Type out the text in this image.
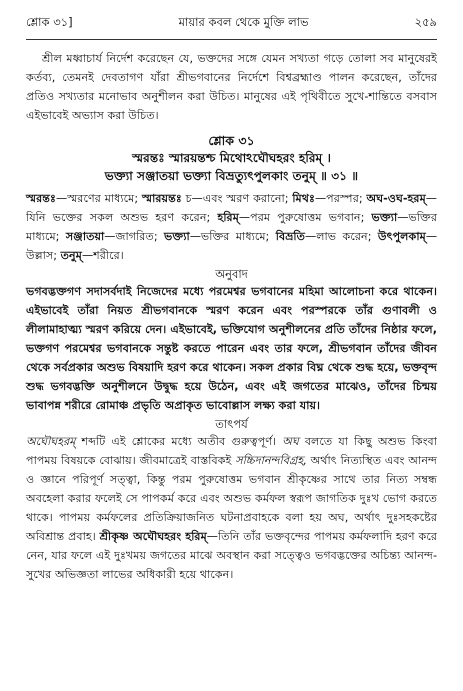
শ্লোক ৩১]	মায়ার কবল থেকে মুক্তি লাভ	২৫৯

শ্রীল মধ্বাচার্য নির্দেশ করেছেন যে, ভক্তদের সঙ্গে যেমন সখ্যতা গড়ে তোলা সব মানুষেরই কর্তব্য, তেমনই দেবতাগণ যাঁরা শ্রীভগবানের নির্দেশে বিশ্বব্রহ্মাণ্ড পালন করেছেন, তাঁদের প্রতিও সখ্যতার মনোভাব অনুশীলন করা উচিত। মানুষের এই পৃথিবীতে সুখে-শান্তিতে বসবাস এইভাবেই অভ্যাস করা উচিত।

শ্লোক ৩১
স্মরন্তঃ স্মারয়ন্তশ্চ মিথোঽঘৌঘহরং হরিম্‌ ।
ভক্ত্যা সঞ্জাতয়া ভক্ত্যা বিভ্রত্যুৎপুলকাং তনুম্‌ ॥ ৩১ ॥

স্মরন্তঃ—স্মরণের মাধ্যমে; স্মারয়ন্তঃ চ—এবং স্মরণ করানো; মিথঃ—পরস্পর; অঘ-ওঘ-হরম্‌—যিনি ভক্তের সকল অশুভ হরণ করেন; হরিম্‌—পরম পুরুষোত্তম ভগবান; ভক্ত্যা—ভক্তির মাধ্যমে; সঞ্জাতয়া—জাগরিত; ভক্ত্যা—ভক্তির মাধ্যমে; বিভ্রতি—লাভ করেন; উৎপুলকাম্‌—উল্লাস; তনুম্‌—শরীরে।

অনুবাদ

ভগবদ্ভক্তগণ সদাসর্বদাই নিজেদের মধ্যে পরমেশ্বর ভগবানের মহিমা আলোচনা করে থাকেন। এইভাবেই তাঁরা নিয়ত শ্রীভগবানকে স্মরণ করেন এবং পরস্পরকে তাঁর গুণাবলী ও লীলামাহাত্ম্য স্মরণ করিয়ে দেন। এইভাবেই, ভক্তিযোগ অনুশীলনের প্রতি তাঁদের নিষ্ঠার ফলে, ভক্তগণ পরমেশ্বর ভগবানকে সন্তুষ্ট করতে পারেন এবং তার ফলে, শ্রীভগবান তাঁদের জীবন থেকে সর্বপ্রকার অশুভ বিষয়াদি হরণ করে থাকেন। সকল প্রকার বিঘ্ন থেকে শুদ্ধ হয়ে, ভক্তবৃন্দ শুদ্ধ ভগবদ্ভক্তি অনুশীলনে উদ্বুদ্ধ হয়ে উঠেন, এবং এই জগতের মাঝেও, তাঁদের চিন্ময় ভাবাপন্ন শরীরে রোমাঞ্চ প্রভৃতি অপ্রাকৃত ভাবোল্লাস লক্ষ্য করা যায়।

তাৎপর্য

অঘৌঘহরম্‌ শব্দটি এই শ্লোকের মধ্যে অতীব গুরুত্বপূর্ণ। অঘ বলতে যা কিছু অশুভ কিংবা পাপময় বিষয়কে বোঝায়। জীবমাত্রেই বাস্তবিকই সচ্চিদানন্দবিগ্রহ, অর্থাৎ নিত্যস্থিত এবং আনন্দ ও জ্ঞানে পরিপূর্ণ সত্ত্বা, কিন্তু পরম পুরুষোত্তম ভগবান শ্রীকৃষ্ণের সাথে তার নিত্য সম্বন্ধ অবহেলা করার ফলেই সে পাপকর্ম করে এবং অশুভ কর্মফল স্বরূপ জাগতিক দুঃখ ভোগ করতে থাকে। পাপময় কর্মফলের প্রতিক্রিয়াজনিত ঘটনাপ্রবাহকে বলা হয় অঘ, অর্থাৎ দুঃসহকষ্টের অবিশ্রান্ত প্রবাহ। শ্রীকৃষ্ণ অঘৌঘহরং হরিম্‌—তিনি তাঁর ভক্তবৃন্দের পাপময় কর্মফলাদি হরণ করে নেন, যার ফলে এই দুঃখময় জগতের মাঝে অবস্থান করা সত্ত্বেও ভগবদ্ভক্তের অচিন্ত্য আনন্দ-সুখের অভিজ্ঞতা লাভের অধিকারী হয়ে থাকেন।
